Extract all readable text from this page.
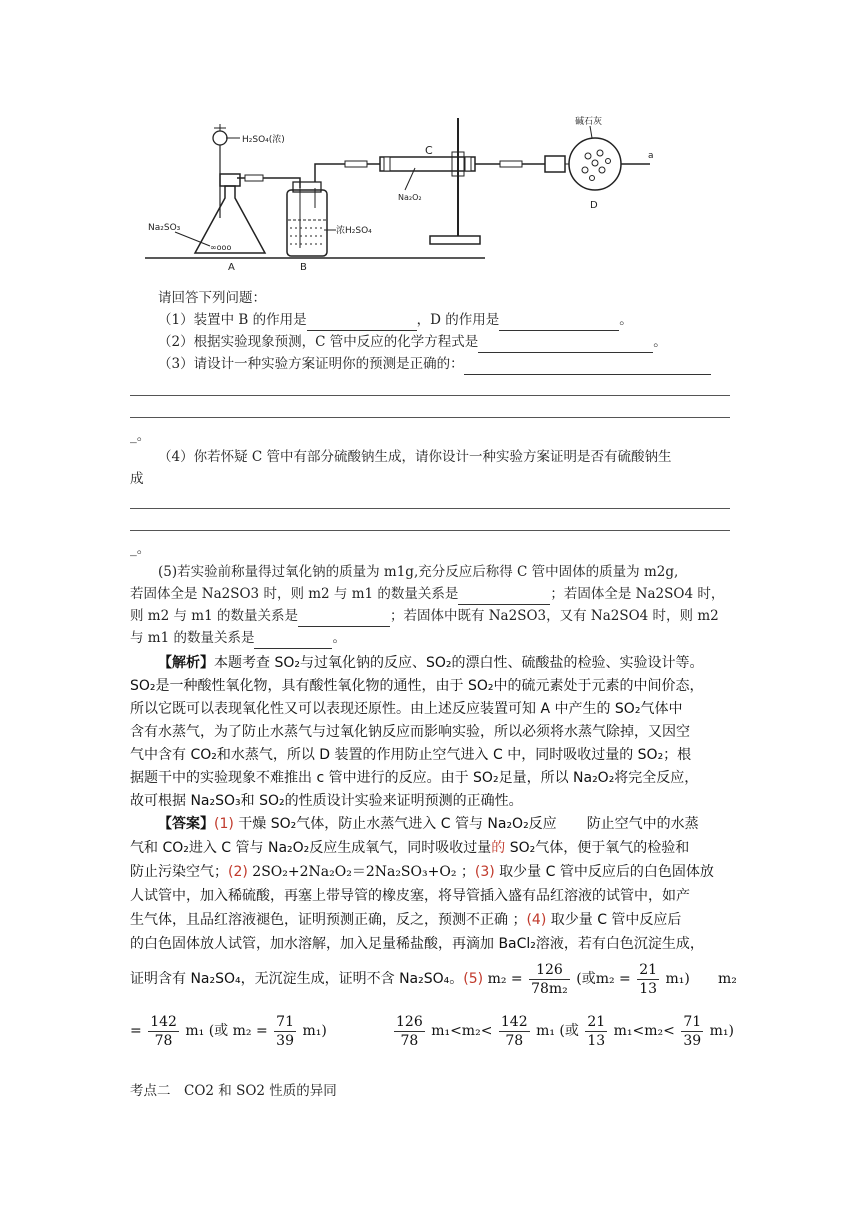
H₂SO₄(浓)
Na₂SO₃
∞ooo
A
浓H₂SO₄
B
C
Na₂O₂
a
碱石灰
D
请回答下列问题：
（1）装置中 B 的作用是	，D 的作用是	。
（2）根据实验现象预测，C 管中反应的化学方程式是	。
（3）请设计一种实验方案证明你的预测是正确的：
_。
（4）你若怀疑 C 管中有部分硫酸钠生成，请你设计一种实验方案证明是否有硫酸钠生
成
_。
(5)若实验前称量得过氧化钠的质量为 m1g,充分反应后称得 C 管中固体的质量为 m2g,
若固体全是 Na2SO3 时，则 m2 与 m1 的数量关系是	；若固体全是 Na2SO4 时，
则 m2 与 m1 的数量关系是	；若固体中既有 Na2SO3，又有 Na2SO4 时，则 m2
与 m1 的数量关系是	。
【解析】本题考查 SO₂与过氧化钠的反应、SO₂的漂白性、硫酸盐的检验、实验设计等。
SO₂是一种酸性氧化物，具有酸性氧化物的通性，由于 SO₂中的硫元素处于元素的中间价态，
所以它既可以表现氧化性又可以表现还原性。由上述反应装置可知 A 中产生的 SO₂气体中
含有水蒸气，为了防止水蒸气与过氧化钠反应而影响实验，所以必须将水蒸气除掉，又因空
气中含有 CO₂和水蒸气，所以 D 装置的作用防止空气进入 C 中，同时吸收过量的 SO₂；根
据题干中的实验现象不难推出 c 管中进行的反应。由于 SO₂足量，所以 Na₂O₂将完全反应，
故可根据 Na₂SO₃和 SO₂的性质设计实验来证明预测的正确性。
【答案】(1) 干燥 SO₂气体，防止水蒸气进入 C 管与 Na₂O₂反应 防止空气中的水蒸
气和 CO₂进入 C 管与 Na₂O₂反应生成氧气，同时吸收过量的 SO₂气体，便于氧气的检验和
防止污染空气；(2) 2SO₂+2Na₂O₂＝2Na₂SO₃+O₂ ；(3) 取少量 C 管中反应后的白色固体放
人试管中，加入稀硫酸，再塞上带导管的橡皮塞，将导管插入盛有品红溶液的试管中，如产
生气体，且品红溶液褪色，证明预测正确，反之，预测不正确 ；(4) 取少量 C 管中反应后
的白色固体放人试管，加水溶解，加入足量稀盐酸，再滴加 BaCl₂溶液，若有白色沉淀生成，
证明含有 Na₂SO₄，无沉淀生成，证明不含 Na₂SO₄。(5) $m_2 = \frac{126}{\text{78m₂}}$ (或$m_2 = \frac{21}{13} m_1$)	m₂
= $\frac{142}{78} m_1$ (或 $m_2 = \frac{71}{39} m_1$)	$\frac{126}{78} m_1<m_2< \frac{142}{78} m_1$ (或 $\frac{21}{13} m_1<m_2< \frac{71}{39} m_1$)
考点二　CO2 和 SO2 性质的异同
